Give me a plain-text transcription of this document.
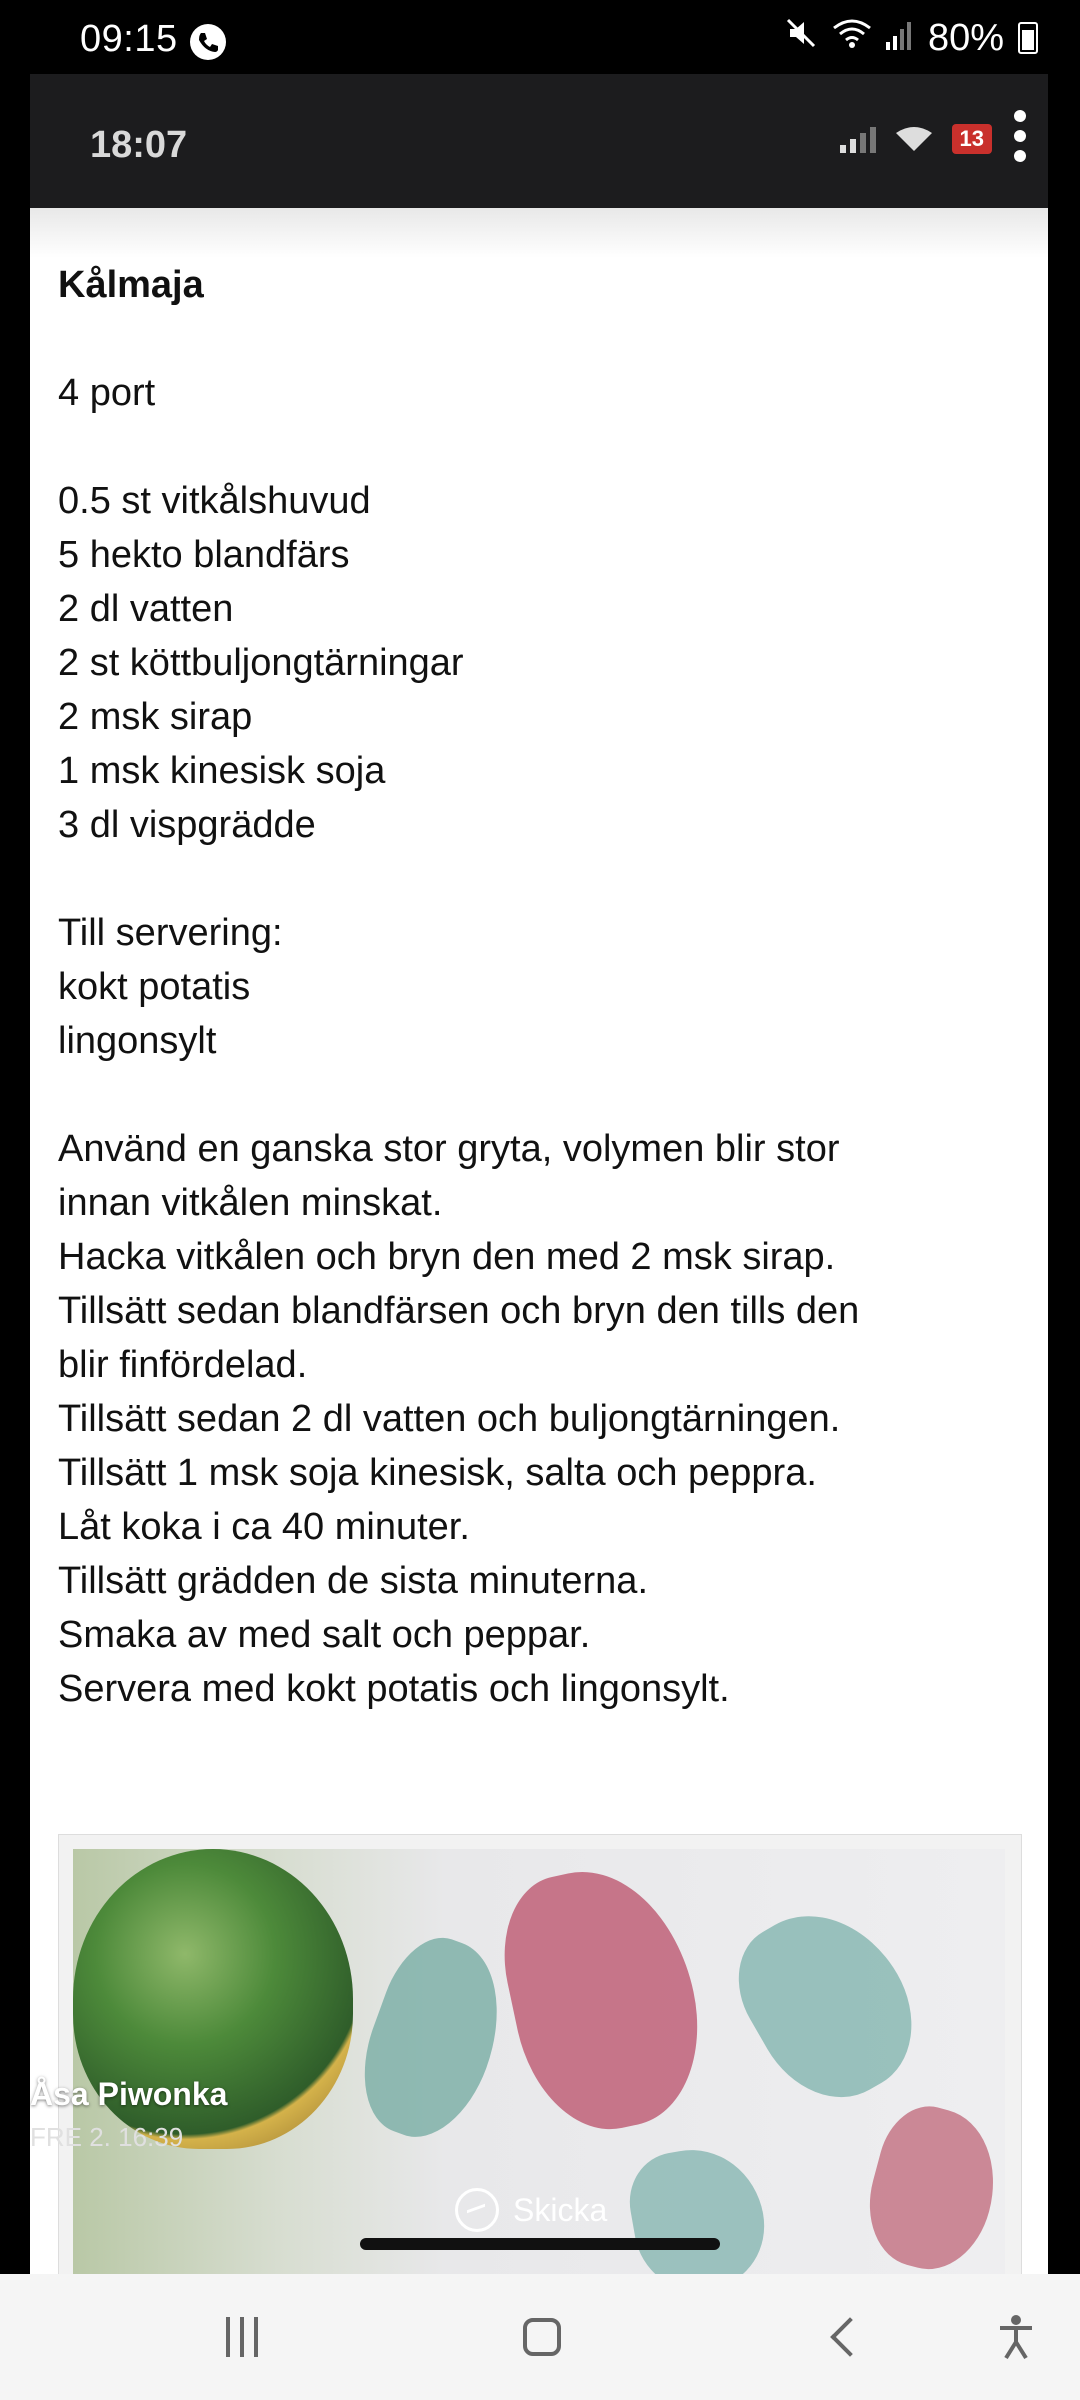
09:15	80%
18:07	13

Kålmaja

4 port

0.5 st vitkålshuvud

5 hekto blandfärs

2 dl vatten

2 st köttbuljongtärningar

2 msk sirap

1 msk kinesisk soja

3 dl vispgrädde

Till servering:

kokt potatis

lingonsylt

Använd en ganska stor gryta, volymen blir stor

innan vitkålen minskat.

Hacka vitkålen och bryn den med 2 msk sirap.

Tillsätt sedan blandfärsen och bryn den tills den

blir finfördelad.

Tillsätt sedan 2 dl vatten och buljongtärningen.

Tillsätt 1 msk soja kinesisk, salta och peppra.

Låt koka i ca 40 minuter.

Tillsätt grädden de sista minuterna.

Smaka av med salt och peppar.

Servera med kokt potatis och lingonsylt.

Åsa Piwonka
FRE 2. 16:39
Skicka
